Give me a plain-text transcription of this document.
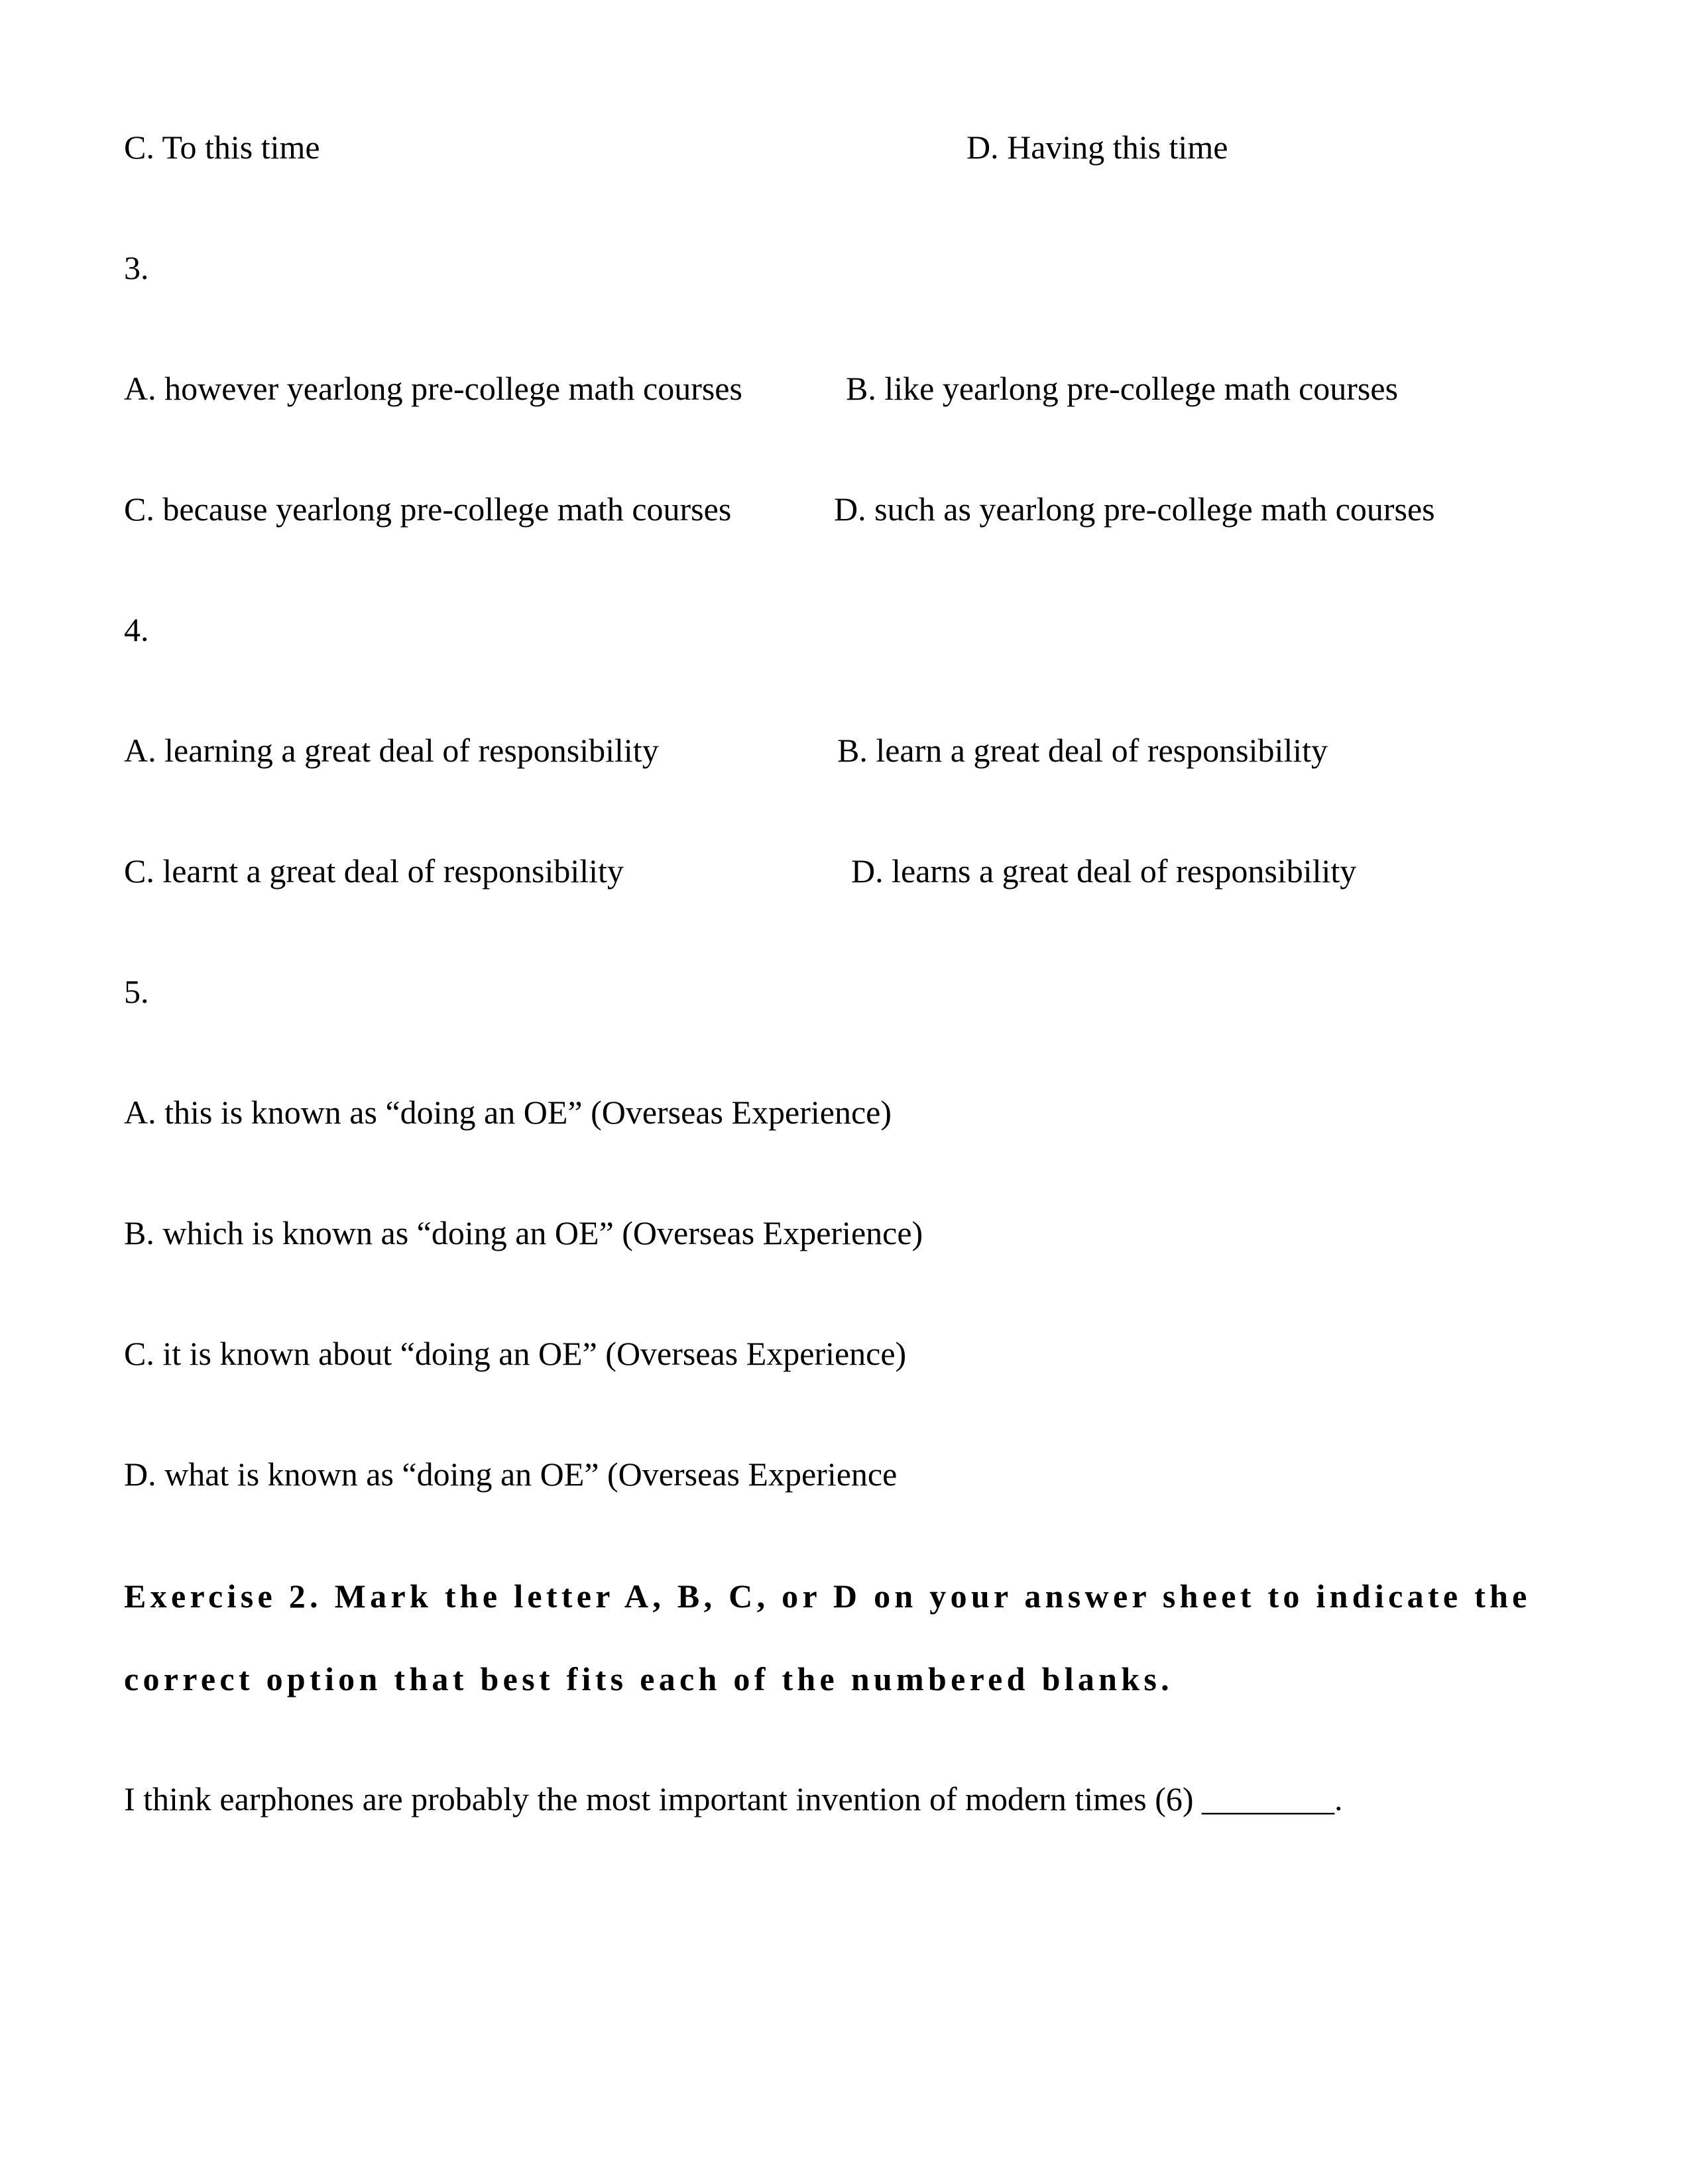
C. To this time	D. Having this time
3.
A. however yearlong pre-college math courses	B. like yearlong pre-college math courses
C. because yearlong pre-college math courses	D. such as yearlong pre-college math courses
4.
A. learning a great deal of responsibility	B. learn a great deal of responsibility
C. learnt a great deal of responsibility	D. learns a great deal of responsibility
5.
A. this is known as “doing an OE” (Overseas Experience)
B. which is known as “doing an OE” (Overseas Experience)
C. it is known about “doing an OE” (Overseas Experience)
D. what is known as “doing an OE” (Overseas Experience
Exercise 2. Mark the letter A, B, C, or D on your answer sheet to indicate the
correct option that best fits each of the numbered blanks.
I think earphones are probably the most important invention of modern times (6) ________.
